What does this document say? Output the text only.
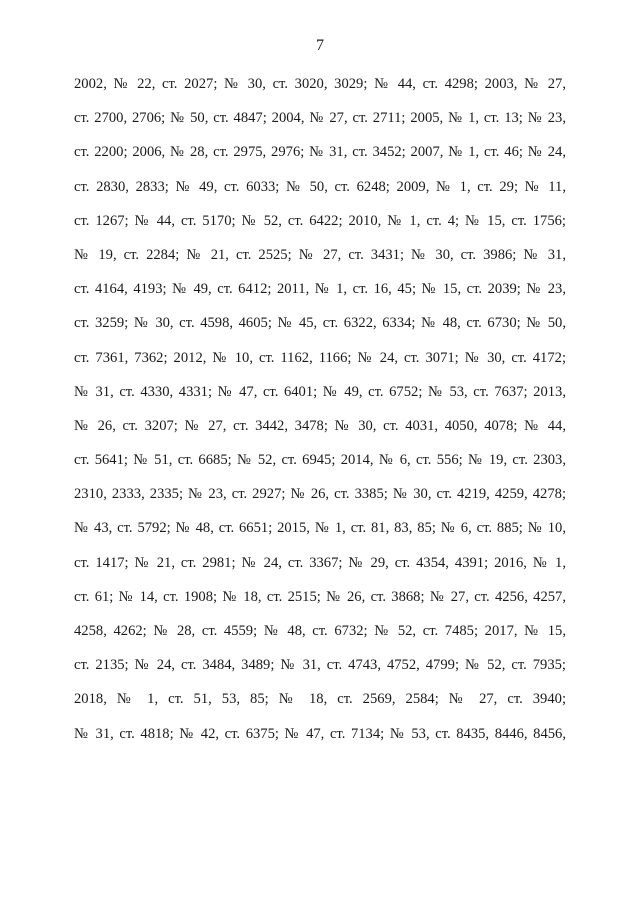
7
2002, № 22, ст. 2027; № 30, ст. 3020, 3029; № 44, ст. 4298; 2003, № 27,
ст. 2700, 2706; № 50, ст. 4847; 2004, № 27, ст. 2711; 2005, № 1, ст. 13; № 23,
ст. 2200; 2006, № 28, ст. 2975, 2976; № 31, ст. 3452; 2007, № 1, ст. 46; № 24,
ст. 2830, 2833; № 49, ст. 6033; № 50, ст. 6248; 2009, № 1, ст. 29; № 11,
ст. 1267; № 44, ст. 5170; № 52, ст. 6422; 2010, № 1, ст. 4; № 15, ст. 1756;
№ 19, ст. 2284; № 21, ст. 2525; № 27, ст. 3431; № 30, ст. 3986; № 31,
ст. 4164, 4193; № 49, ст. 6412; 2011, № 1, ст. 16, 45; № 15, ст. 2039; № 23,
ст. 3259; № 30, ст. 4598, 4605; № 45, ст. 6322, 6334; № 48, ст. 6730; № 50,
ст. 7361, 7362; 2012, № 10, ст. 1162, 1166; № 24, ст. 3071; № 30, ст. 4172;
№ 31, ст. 4330, 4331; № 47, ст. 6401; № 49, ст. 6752; № 53, ст. 7637; 2013,
№ 26, ст. 3207; № 27, ст. 3442, 3478; № 30, ст. 4031, 4050, 4078; № 44,
ст. 5641; № 51, ст. 6685; № 52, ст. 6945; 2014, № 6, ст. 556; № 19, ст. 2303,
2310, 2333, 2335; № 23, ст. 2927; № 26, ст. 3385; № 30, ст. 4219, 4259, 4278;
№ 43, ст. 5792; № 48, ст. 6651; 2015, № 1, ст. 81, 83, 85; № 6, ст. 885; № 10,
ст. 1417; № 21, ст. 2981; № 24, ст. 3367; № 29, ст. 4354, 4391; 2016, № 1,
ст. 61; № 14, ст. 1908; № 18, ст. 2515; № 26, ст. 3868; № 27, ст. 4256, 4257,
4258, 4262; № 28, ст. 4559; № 48, ст. 6732; № 52, ст. 7485; 2017, № 15,
ст. 2135; № 24, ст. 3484, 3489; № 31, ст. 4743, 4752, 4799; № 52, ст. 7935;
2018, № 1, ст. 51, 53, 85; № 18, ст. 2569, 2584; № 27, ст. 3940;
№ 31, ст. 4818; № 42, ст. 6375; № 47, ст. 7134; № 53, ст. 8435, 8446, 8456,
